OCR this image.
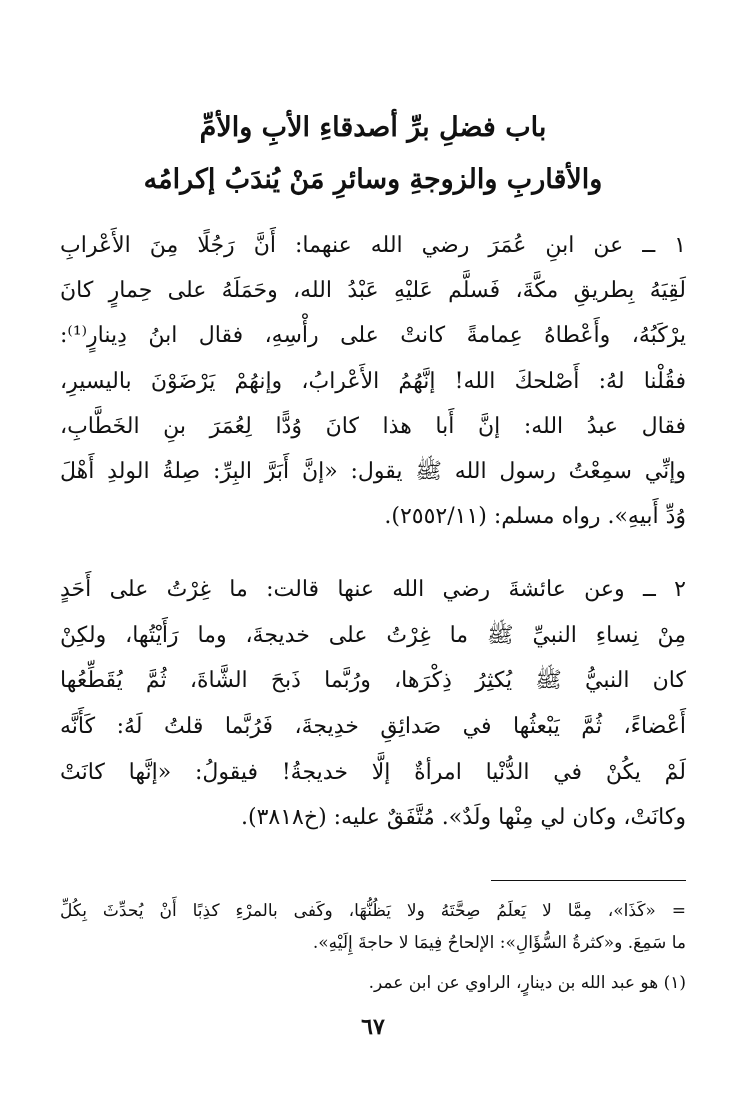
باب فضلِ برِّ أصدقاءِ الأبِ والأمِّ
والأقاربِ والزوجةِ وسائرِ مَنْ يُندَبُ إكرامُه
١ ــ عن ابنِ عُمَرَ رضي الله عنهما: أَنَّ رَجُلًا مِنَ الأَعْرابِ
لَقِيَهُ بِطريقِ مكَّةَ، فَسلَّم عَليْهِ عَبْدُ الله، وحَمَلَهُ على حِمارٍ كانَ
يرْكَبُهُ، وأَعْطاهُ عِمامةً كانتْ على رأْسِهِ، فقال ابنُ دِينارٍ⁽¹⁾:
فقُلْنا لهُ: أَصْلحكَ الله! إنَّهُمُ الأَعْرابُ، وإنهُمْ يَرْضَوْنَ بالیسيرِ،
فقال عبدُ الله: إنَّ أَبا هذا كانَ وُدًّا لِعُمَرَ بنِ الخَطَّابِ،
وإنِّي سمِعْتُ رسول الله ﷺ يقول: «إنَّ أَبَرَّ البِرِّ: صِلةُ الولدِ أَهْلَ
وُدِّ أَبيهِ». رواه مسلم: (٢٥٥٢/١١).
٢ ــ وعن عائشةَ رضي الله عنها قالت: ما غِرْتُ على أَحَدٍ
مِنْ نِساءِ النبيِّ ﷺ ما غِرْتُ على خديجةَ، وما رَأَيْتُها، ولكِنْ
كان النبيُّ ﷺ يُكثِرُ ذِكْرَها، ورُبَّما ذَبحَ الشَّاةَ، ثُمَّ يُقَطِّعُها
أَعْضاءً، ثُمَّ يَبْعثُها في صَدائِقِ خدِيجةَ، فَرُبَّما قلتُ لَهُ: كَأَنَّه
لَمْ يكُنْ في الدُّنْيا امرأةٌ إلَّا خديجةُ! فيقولُ: «إنَّها كانَتْ
وكانَتْ، وكان لي مِنْها ولَدٌ». مُتَّفَقٌ عليه: (خ٣٨١٨).
= «كَذَا»، مِمَّا لا يَعلَمُ صِحَّتَهُ ولا يَظُنُّهَا، وكَفى بالمرْءِ كذِبًا أَنْ يُحدِّثَ بِكُلِّ
ما سَمِعَ. و«كثرةُ السُّؤَالِ»: الإلحاحُ فِيمَا لا حاجةَ إِلَيْهِ».
(١) هو عبد الله بن دينارٍ، الراوي عن ابن عمر.
٦٧
